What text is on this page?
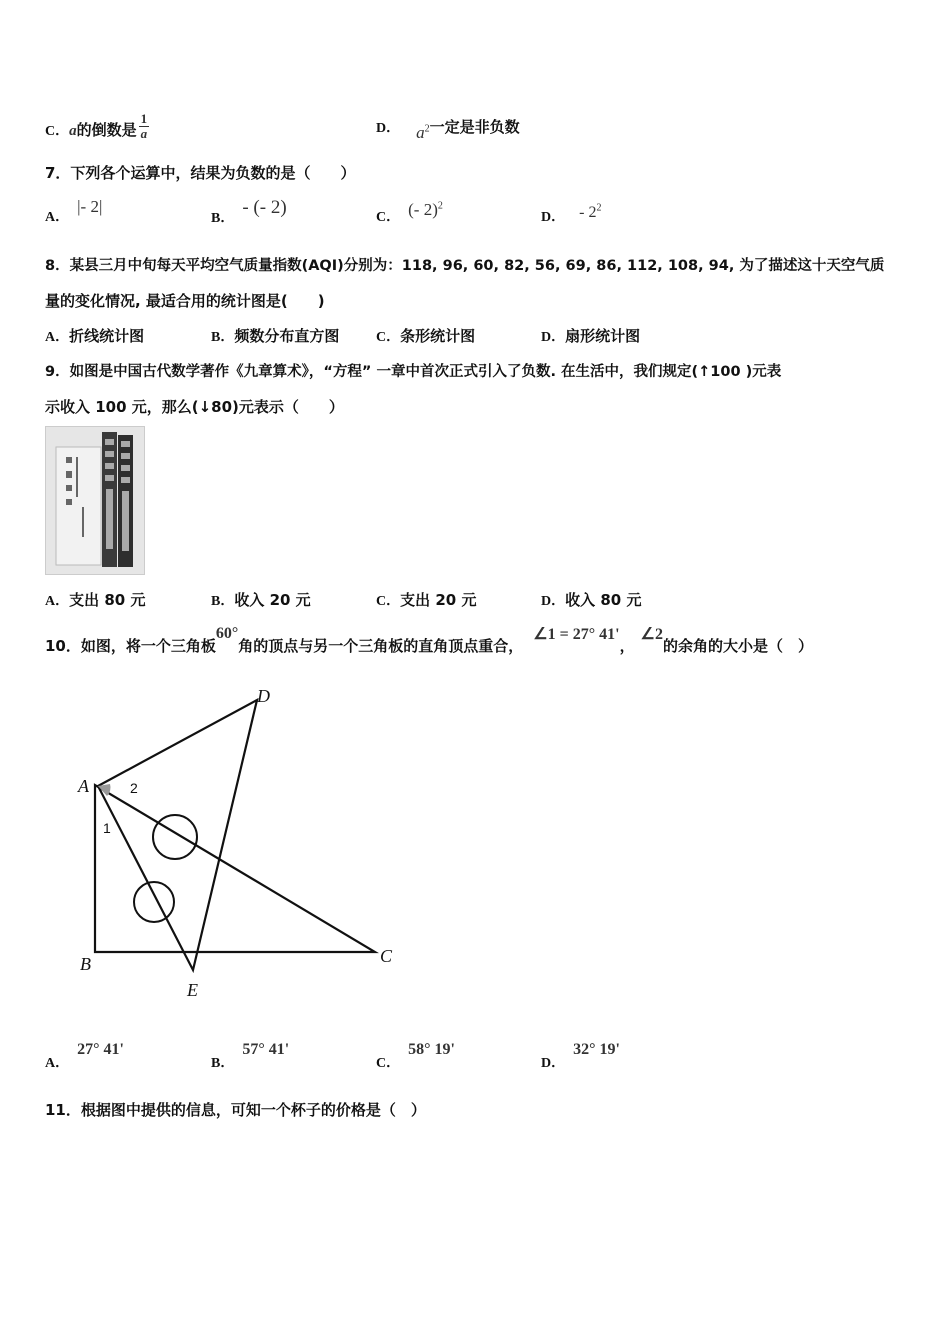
C．a的倒数是 $\frac{1}{a}$	D． $a^2$一定是非负数
7．下列各个运算中，结果为负数的是（　　）
A．|- 2|
B．- (- 2)	C． (- 2)$^2$
D． - $2^2$
8．某县三月中旬每天平均空气质量指数(AQI)分别为：118, 96, 60, 82, 56, 69, 86, 112, 108, 94, 为了描述这十天空气质
量的变化情况, 最适合用的统计图是(　　)
A．折线统计图	B．频数分布直方图	C．条形统计图	D．扇形统计图
9．如图是中国古代数学著作《九章算术》，“方程” 一章中首次正式引入了负数. 在生活中，我们规定(↑100 )元表
示收入 100 元，那么(↓80)元表示（　　）
A．支出 80 元	B．收入 20 元	C．支出 20 元	D．收入 80 元
10．如图，将一个三角板60°角的顶点与另一个三角板的直角顶点重合，∠1 = 27° 41'，∠2的余角的大小是（　）
A
B	C
D
E
1
2
A．27° 41'
B．57° 41'
C．58° 19'
D．32° 19'
11．根据图中提供的信息，可知一个杯子的价格是（　）
